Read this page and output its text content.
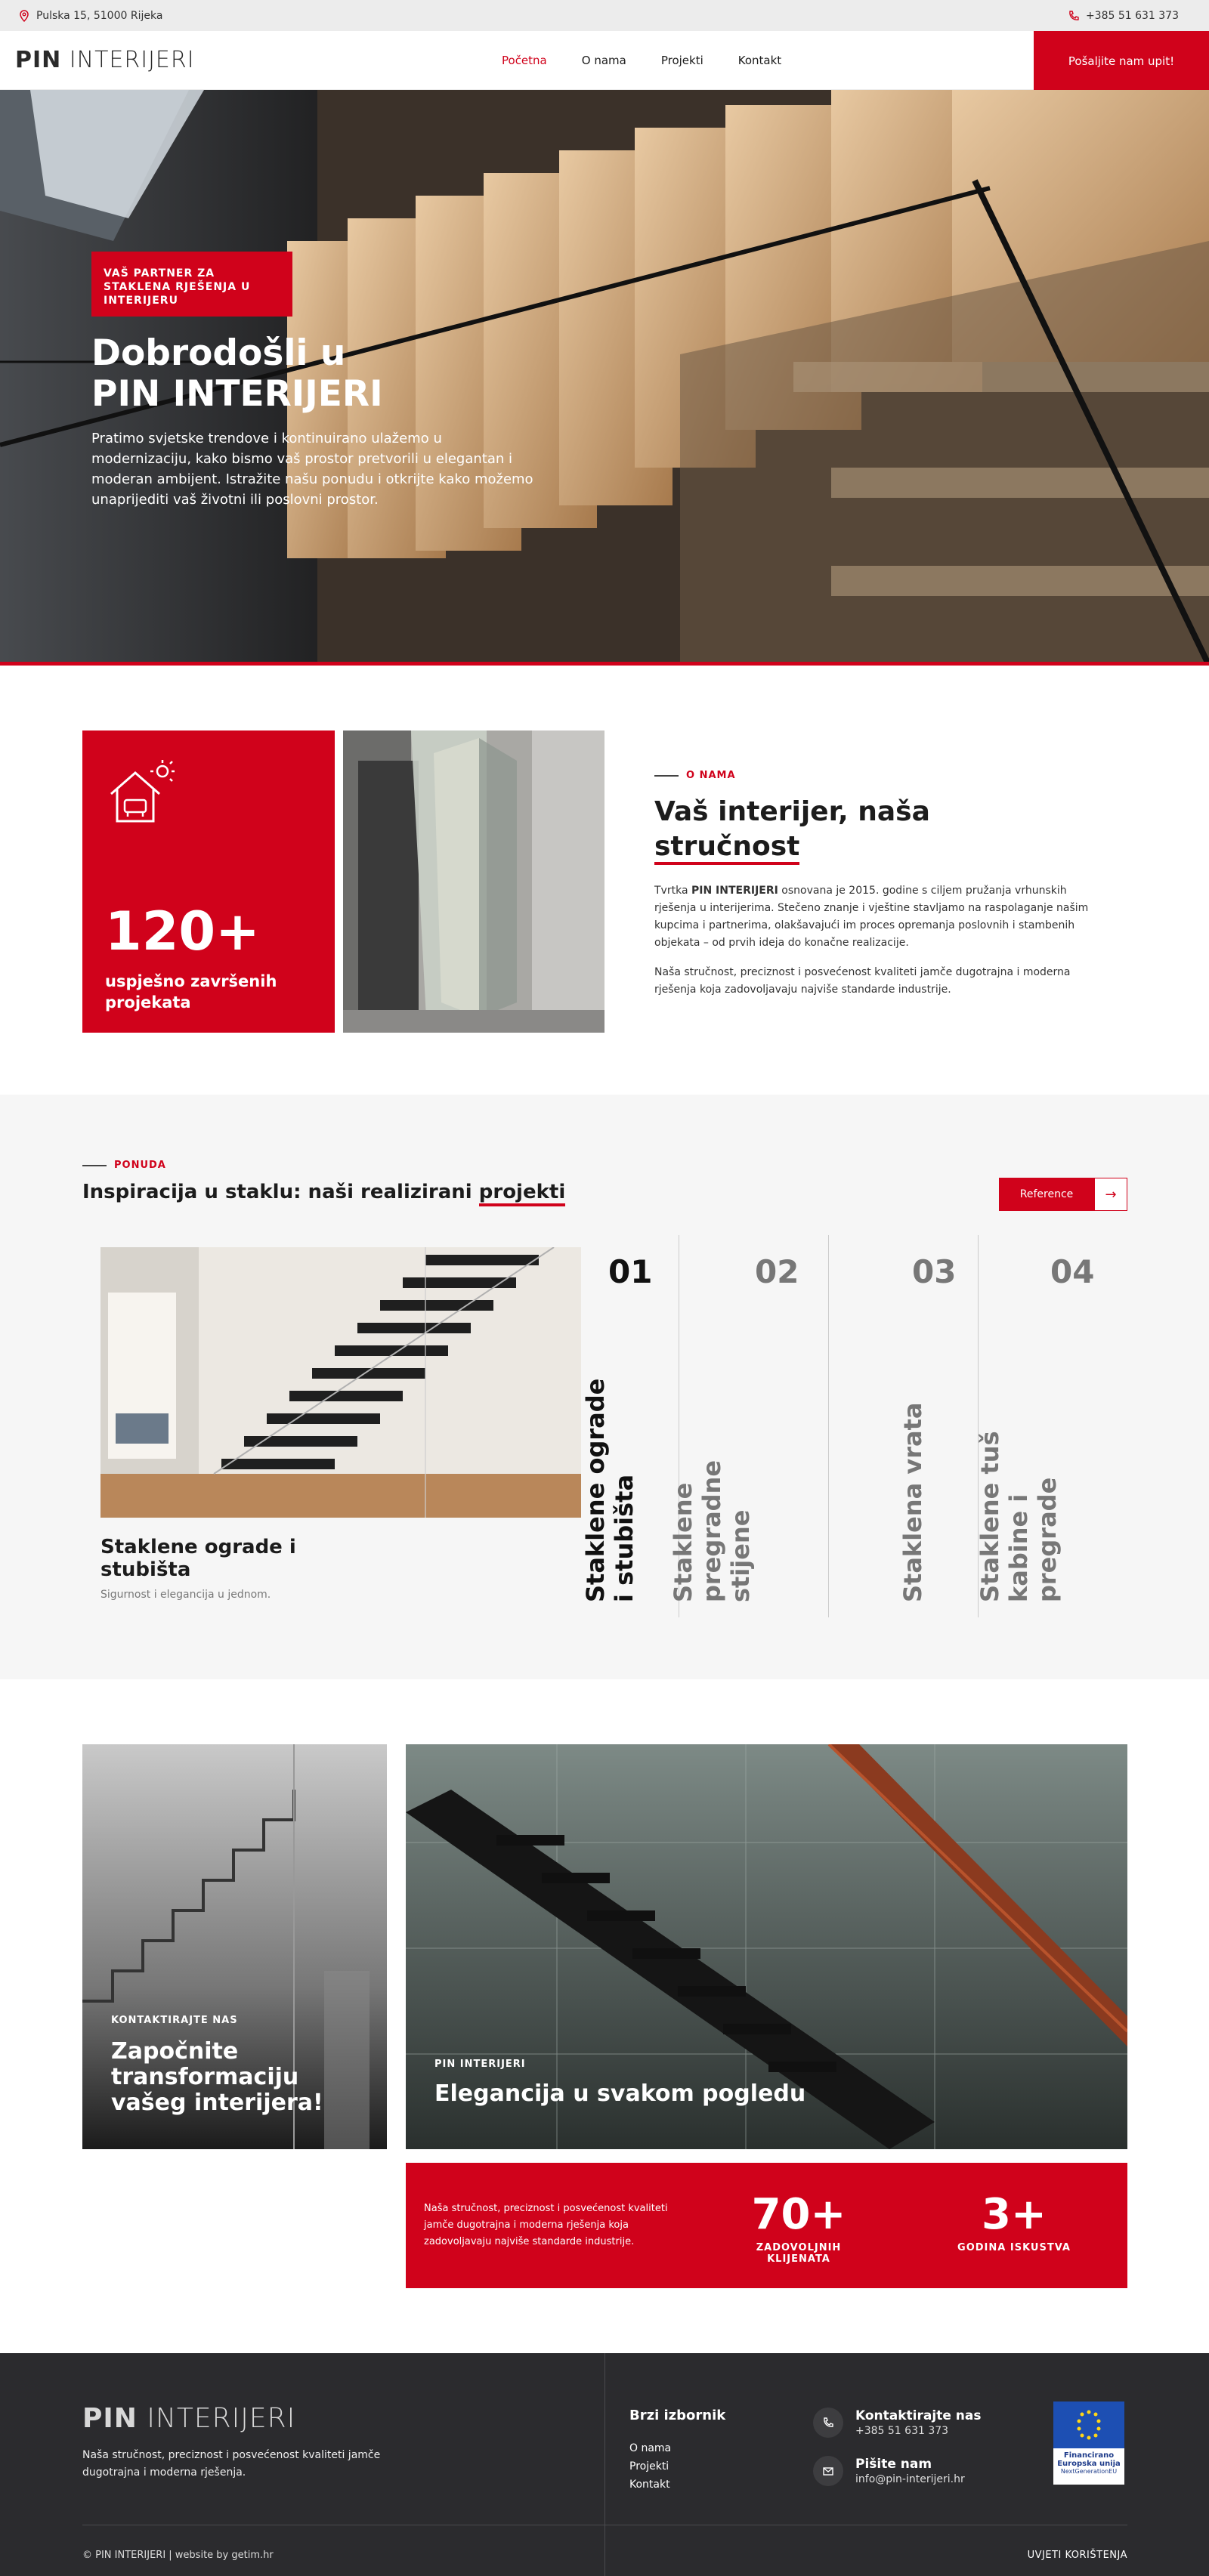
Pulska 15, 51000 Rijeka	+385 51 631 373
PIN INTERIJERI	Početna	O nama	Projekti	Kontakt	Pošaljite nam upit!
VAŠ PARTNER ZA STAKLENA RJEŠENJA U INTERIJERU
Dobrodošli u
PIN INTERIJERI

Pratimo svjetske trendove i kontinuirano ulažemo u modernizaciju, kako bismo vaš prostor pretvorili u elegantan i moderan ambijent. Istražite našu ponudu i otkrijte kako možemo unaprijediti vaš životni ili poslovni prostor.

120+
uspješno završenih projekata
O NAMA
Vaš interijer, naša
stručnost

Tvrtka PIN INTERIJERI osnovana je 2015. godine s ciljem pružanja vrhunskih rješenja u interijerima. Stečeno znanje i vještine stavljamo na raspolaganje našim kupcima i partnerima, olakšavajući im proces opremanja poslovnih i stambenih objekata – od prvih ideja do konačne realizacije.

Naša stručnost, preciznost i posvećenost kvaliteti jamče dugotrajna i moderna rješenja koja zadovoljavaju najviše standarde industrije.

PONUDA
Inspiracija u staklu: naši realizirani projekti	Reference	→
Staklene ograde i stubišta
Sigurnost i elegancija u jednom.
01
Staklene ograde i stubišta
02
Staklene pregradne stijene
03
Staklena vrata
04
Staklene tuš kabine i pregrade
KONTAKTIRAJTE NAS
Započnite transformaciju vašeg interijera!
PIN INTERIJERI
Elegancija u svakom pogledu
Naša stručnost, preciznost i posvećenost kvaliteti jamče dugotrajna i moderna rješenja koja zadovoljavaju najviše standarde industrije.
70+
ZADOVOLJNIH KLIJENATA
3+
GODINA ISKUSTVA
PIN INTERIJERI

Naša stručnost, preciznost i posvećenost kvaliteti jamče dugotrajna i moderna rješenja.

Brzi izbornik
O nama
Projekti
Kontakt
Kontaktirajte nas
+385 51 631 373
Pišite nam
info@pin-interijeri.hr
Financirano
Europska unija
NextGenerationEU
© PIN INTERIJERI | website by getim.hr	UVJETI KORIŠTENJA
